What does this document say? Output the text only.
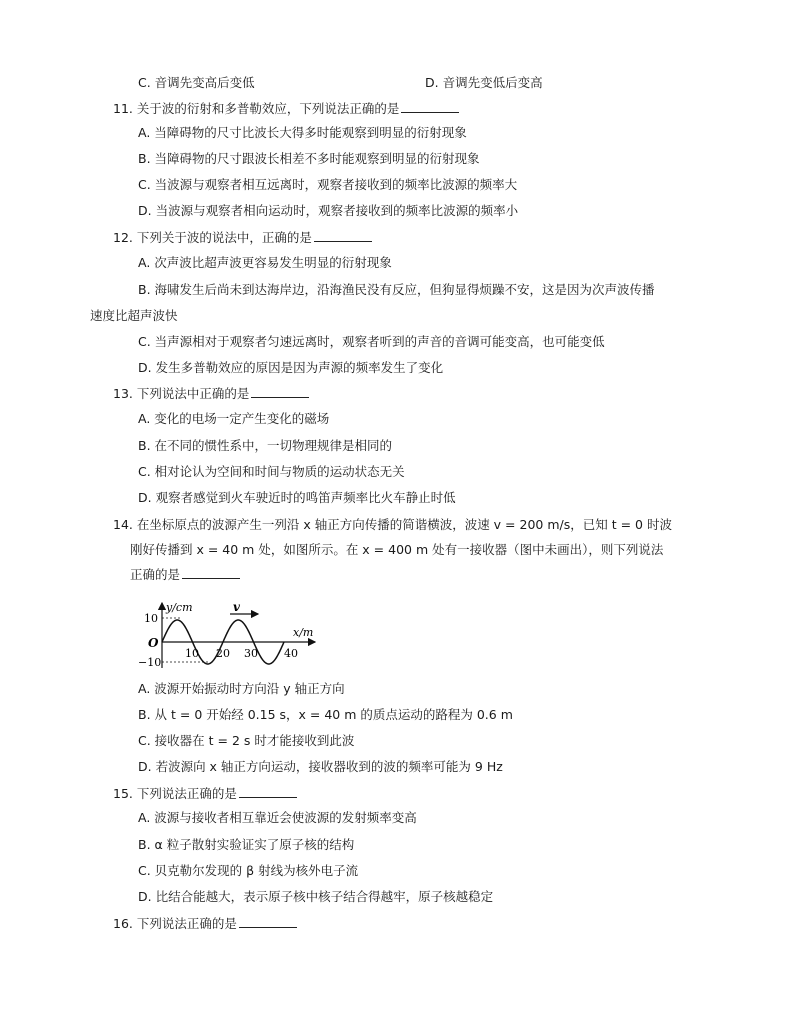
C. 音调先变高后变低	D. 音调先变低后变高
11. 关于波的衍射和多普勒效应，下列说法正确的是
A. 当障碍物的尺寸比波长大得多时能观察到明显的衍射现象
B. 当障碍物的尺寸跟波长相差不多时能观察到明显的衍射现象
C. 当波源与观察者相互远离时，观察者接收到的频率比波源的频率大
D. 当波源与观察者相向运动时，观察者接收到的频率比波源的频率小
12. 下列关于波的说法中，正确的是
A. 次声波比超声波更容易发生明显的衍射现象
B. 海啸发生后尚未到达海岸边，沿海渔民没有反应，但狗显得烦躁不安，这是因为次声波传播
速度比超声波快
C. 当声源相对于观察者匀速远离时，观察者听到的声音的音调可能变高，也可能变低
D. 发生多普勒效应的原因是因为声源的频率发生了变化
13. 下列说法中正确的是
A. 变化的电场一定产生变化的磁场
B. 在不同的惯性系中，一切物理规律是相同的
C. 相对论认为空间和时间与物质的运动状态无关
D. 观察者感觉到火车驶近时的鸣笛声频率比火车静止时低
14. 在坐标原点的波源产生一列沿 x 轴正方向传播的简谐横波，波速 v = 200 m/s，已知 t = 0 时波
刚好传播到 x = 40 m 处，如图所示。在 x = 400 m 处有一接收器（图中未画出），则下列说法
正确的是
y/cm
x/m
v
O
10
−10
10 20 30 40
A. 波源开始振动时方向沿 y 轴正方向
B. 从 t = 0 开始经 0.15 s，x = 40 m 的质点运动的路程为 0.6 m
C. 接收器在 t = 2 s 时才能接收到此波
D. 若波源向 x 轴正方向运动，接收器收到的波的频率可能为 9 Hz
15. 下列说法正确的是
A. 波源与接收者相互靠近会使波源的发射频率变高
B. α 粒子散射实验证实了原子核的结构
C. 贝克勒尔发现的 β 射线为核外电子流
D. 比结合能越大，表示原子核中核子结合得越牢，原子核越稳定
16. 下列说法正确的是
